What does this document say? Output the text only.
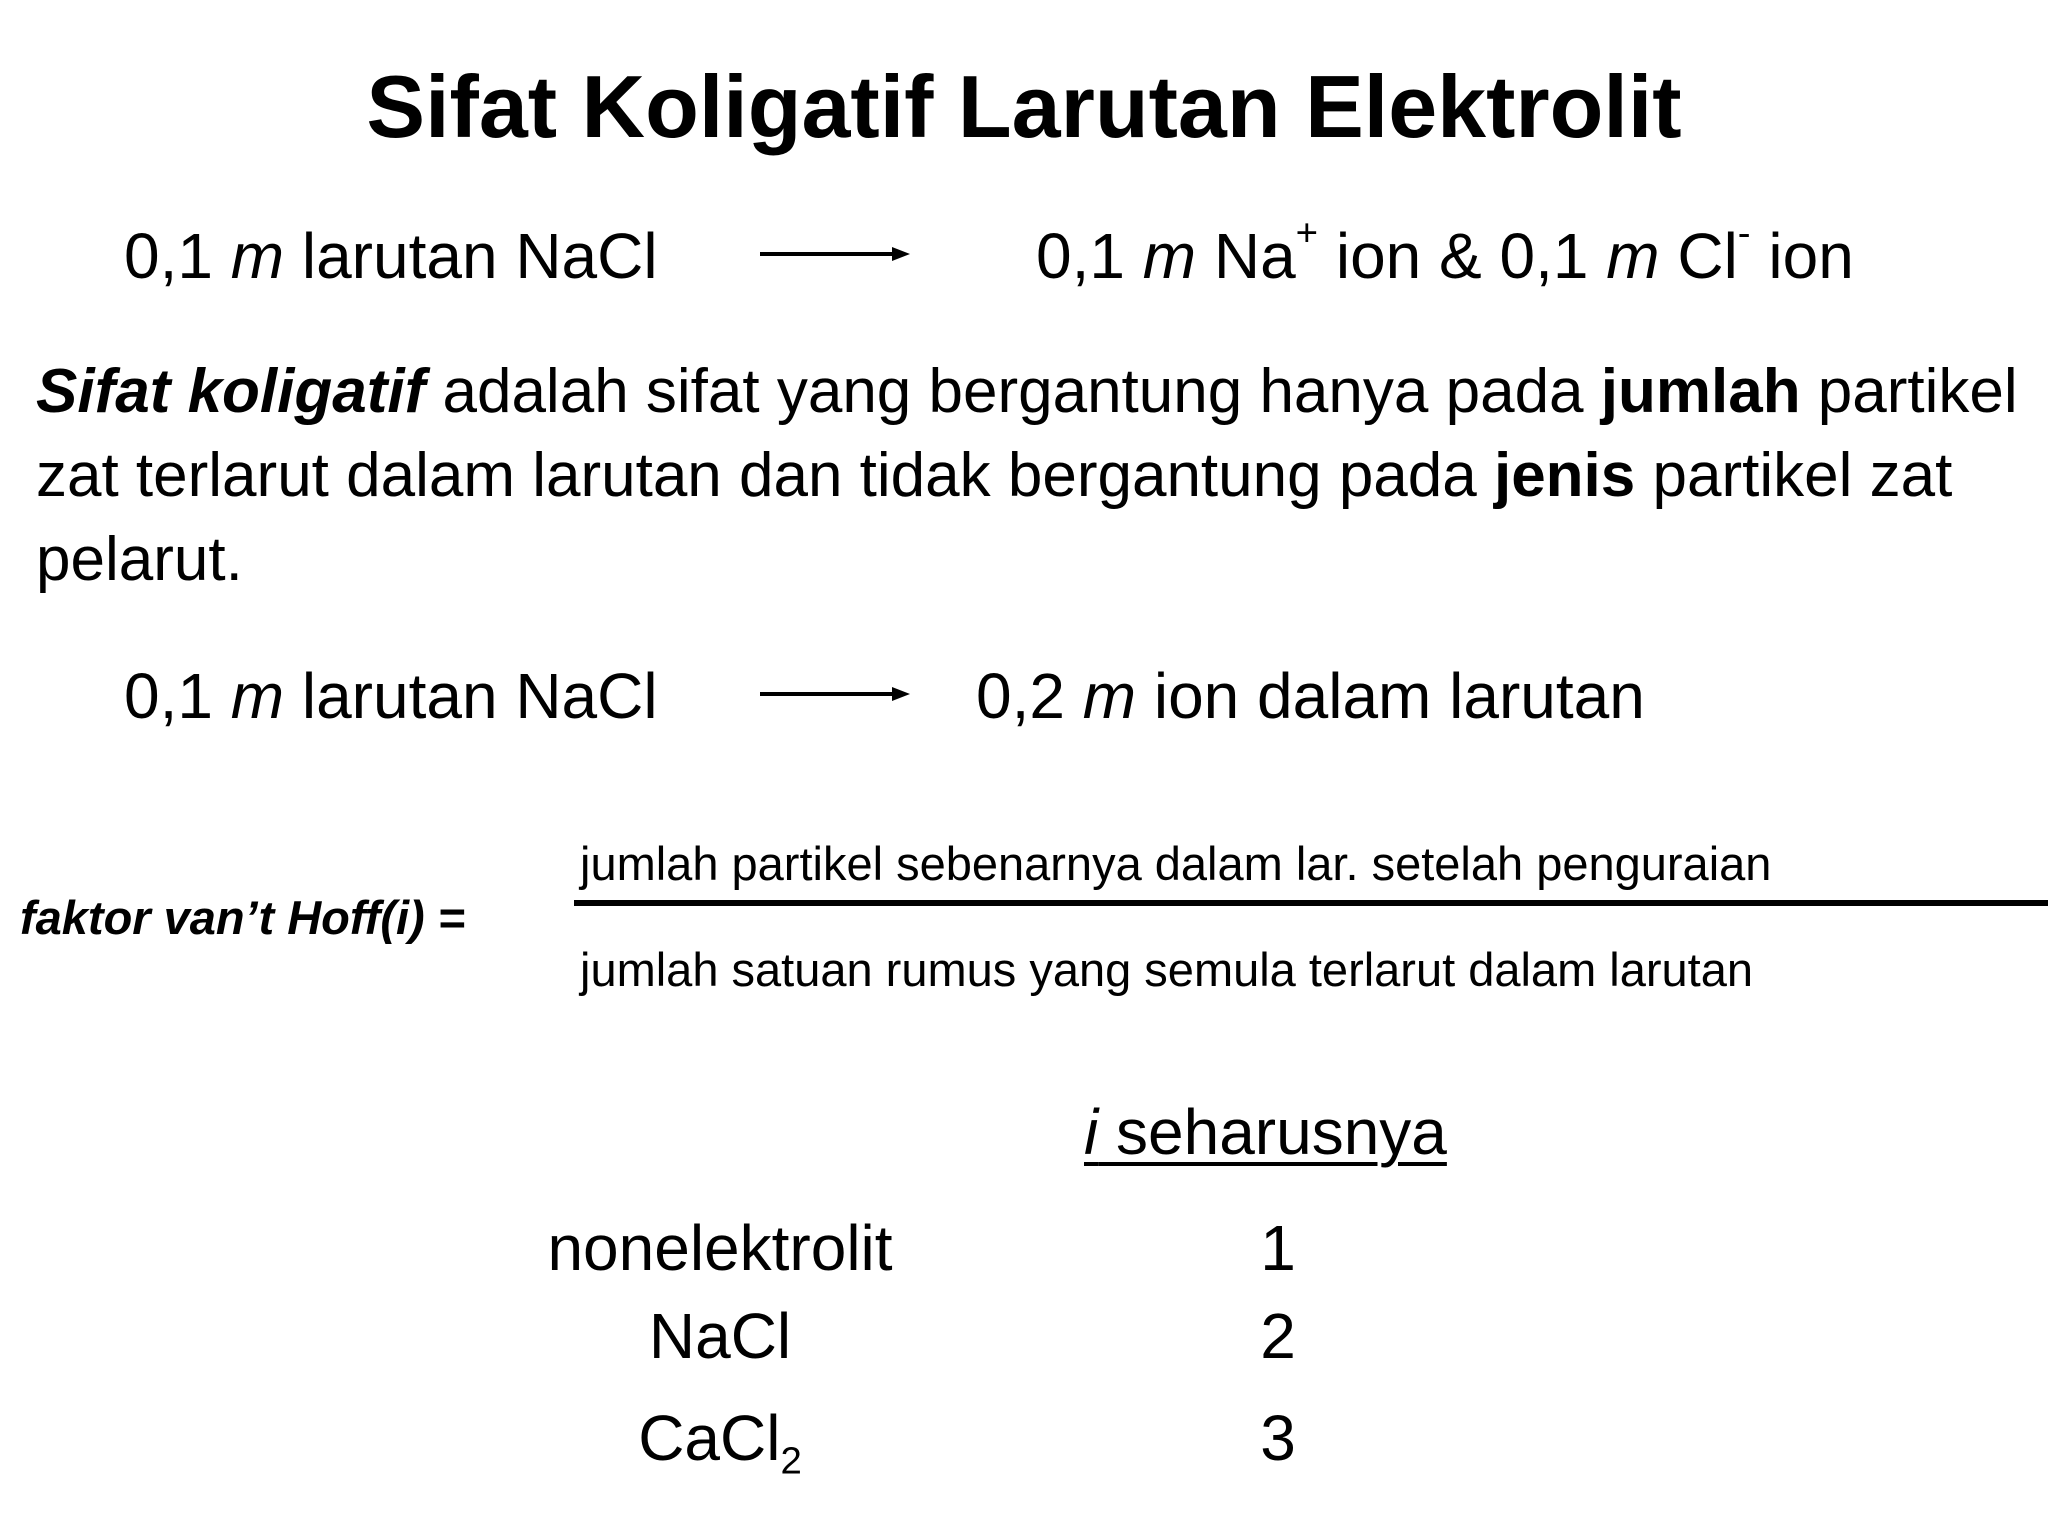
Sifat Koligatif Larutan Elektrolit
0,1 m larutan NaCl	0,1 m Na+ ion & 0,1 m Cl- ion
Sifat koligatif adalah sifat yang bergantung hanya pada jumlah partikel zat terlarut dalam larutan dan tidak bergantung pada jenis partikel zat pelarut.
0,1 m larutan NaCl	0,2 m ion dalam larutan
faktor van’t Hoff(i) =
jumlah partikel sebenarnya dalam lar. setelah penguraian
jumlah satuan rumus yang semula terlarut dalam larutan
i seharusnya
nonelektrolit	1
NaCl	2
CaCl$_2$	3
